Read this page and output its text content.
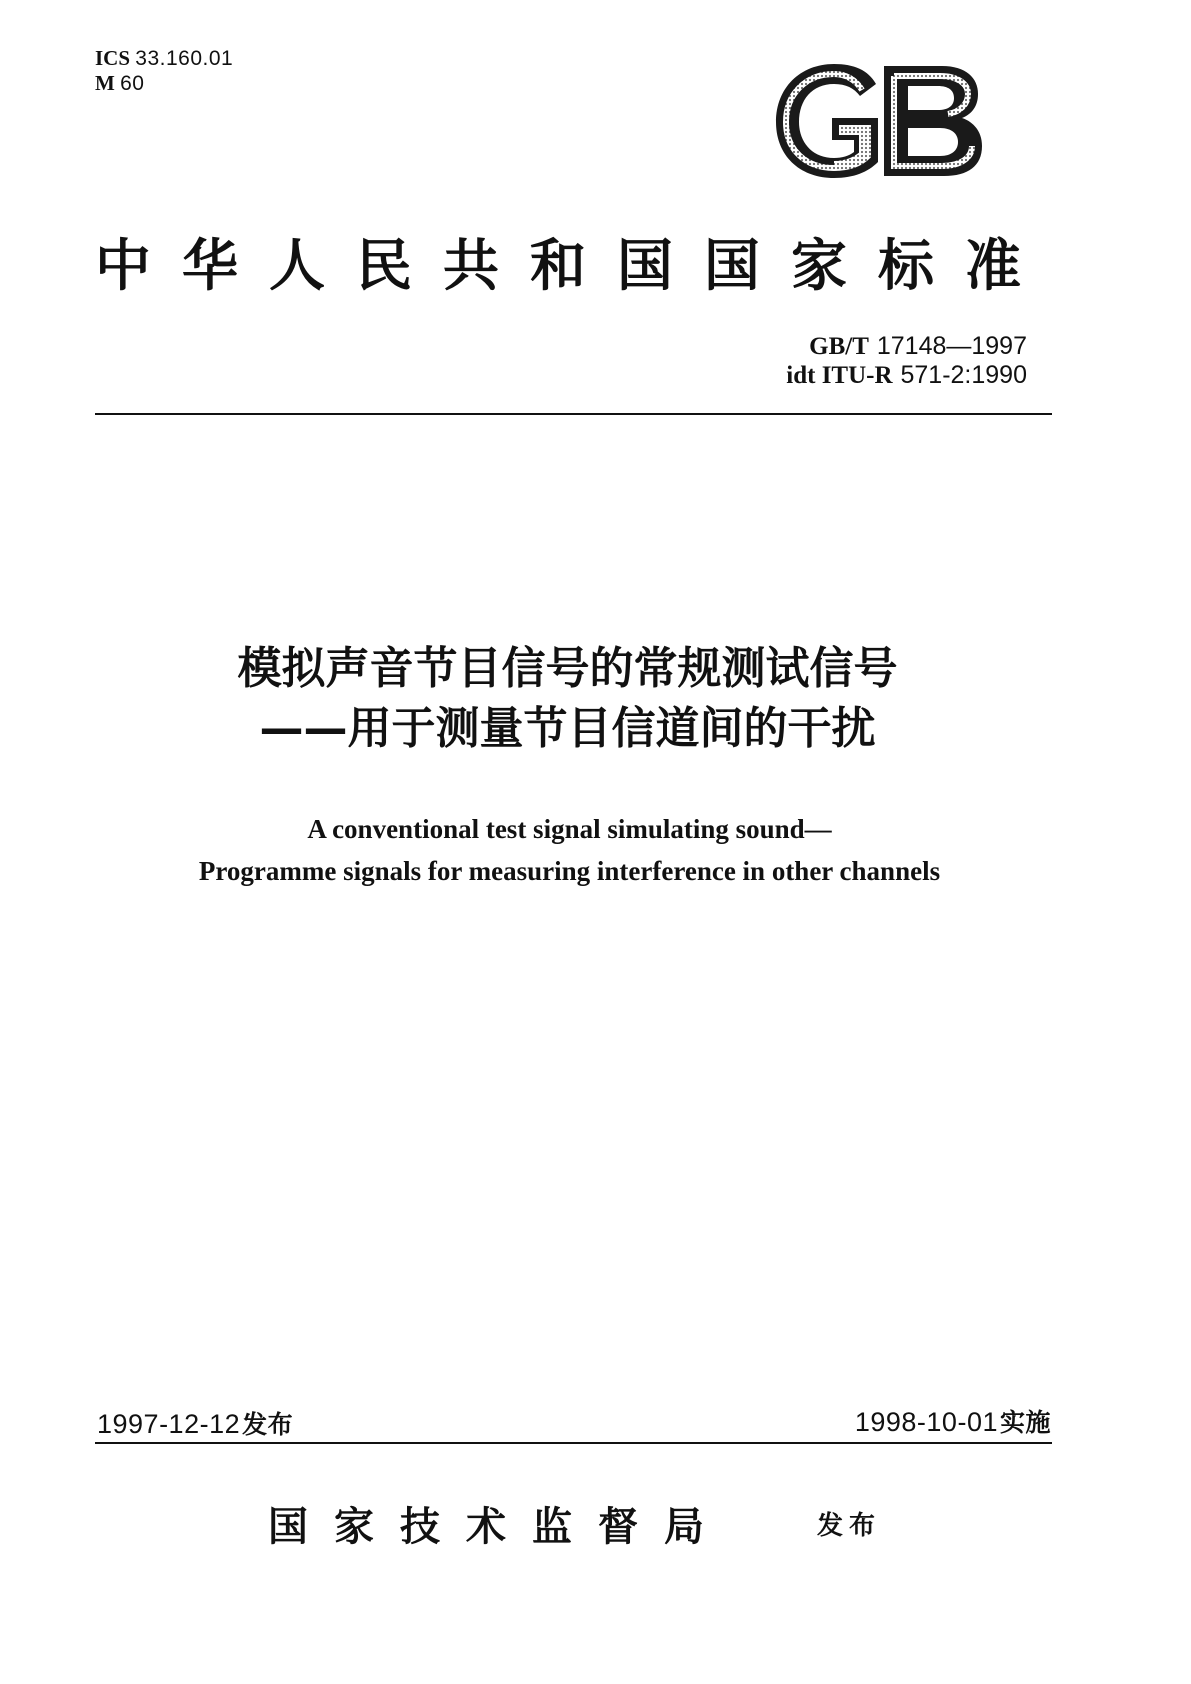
ICS 33.160.01
M 60
中华人民共和国国家标准
GB/T 17148—1997
idt ITU-R 571-2:1990
模拟声音节目信号的常规测试信号
——用于测量节目信道间的干扰
A conventional test signal simulating sound—
Programme signals for measuring interference in other channels
1997-12-12发布	1998-10-01实施
国家技术监督局	发布
